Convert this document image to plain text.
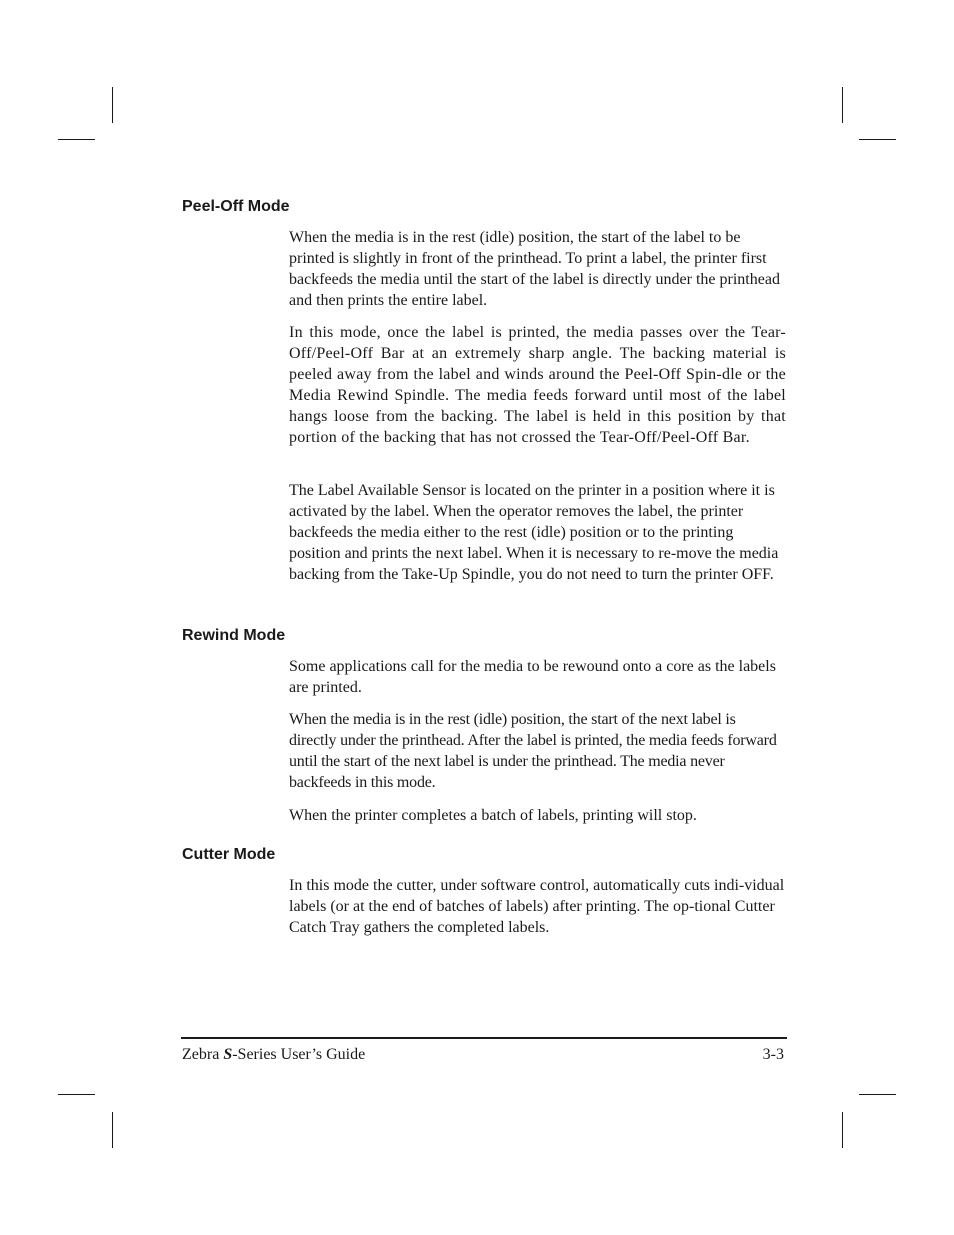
Peel-Off Mode

When the media is in the rest (idle) position, the start of the label to be printed is slightly in front of the printhead. To print a label, the printer first backfeeds the media until the start of the label is directly under the printhead and then prints the entire label.

In this mode, once the label is printed, the media passes over the Tear-Off/Peel-Off Bar at an extremely sharp angle. The backing material is peeled away from the label and winds around the Peel-Off Spin-dle or the Media Rewind Spindle. The media feeds forward until most of the label hangs loose from the backing. The label is held in this position by that portion of the backing that has not crossed the Tear-Off/Peel-Off Bar.

The Label Available Sensor is located on the printer in a position where it is activated by the label. When the operator removes the label, the printer backfeeds the media either to the rest (idle) position or to the printing position and prints the next label. When it is necessary to re-move the media backing from the Take-Up Spindle, you do not need to turn the printer OFF.

Rewind Mode

Some applications call for the media to be rewound onto a core as the labels are printed.

When the media is in the rest (idle) position, the start of the next label is directly under the printhead. After the label is printed, the media feeds forward until the start of the next label is under the printhead. The media never backfeeds in this mode.

When the printer completes a batch of labels, printing will stop.

Cutter Mode

In this mode the cutter, under software control, automatically cuts indi-vidual labels (or at the end of batches of labels) after printing. The op-tional Cutter Catch Tray gathers the completed labels.

Zebra S-Series User’s Guide	3-3
